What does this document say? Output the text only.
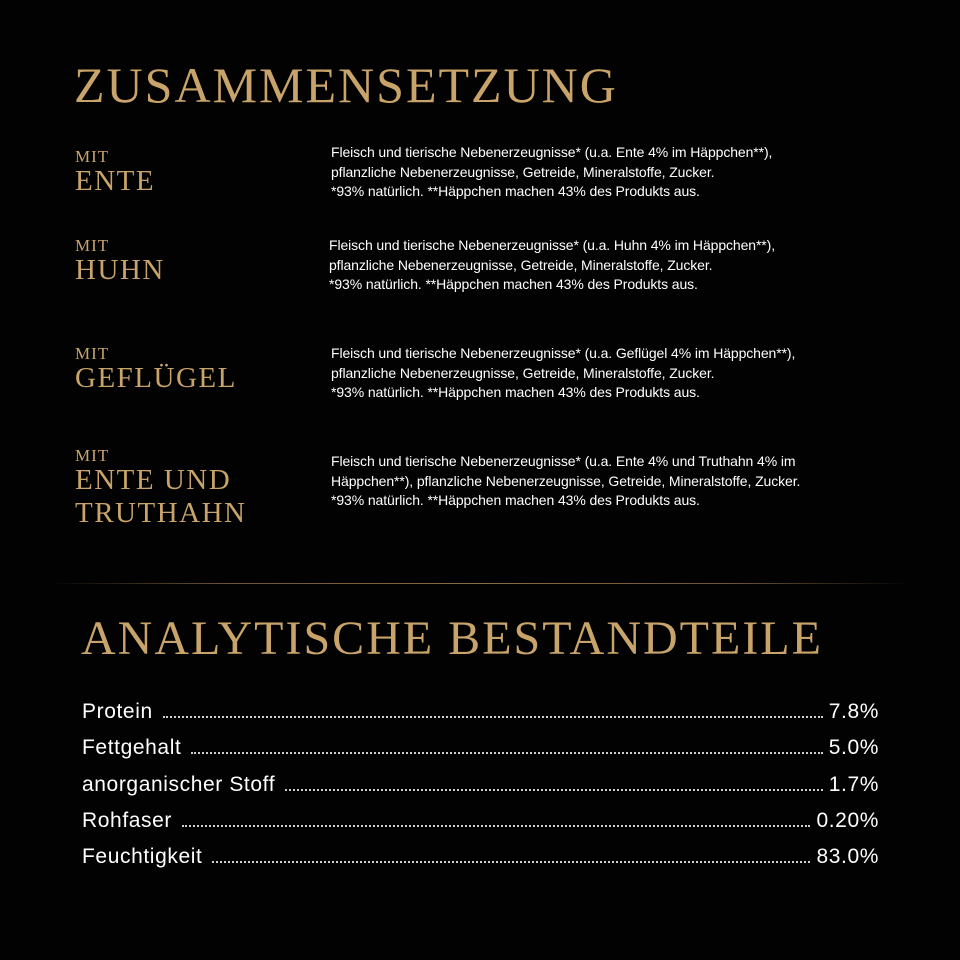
ZUSAMMENSETZUNG
MIT
ENTE
Fleisch und tierische Nebenerzeugnisse* (u.a. Ente 4% im Häppchen**),
pflanzliche Nebenerzeugnisse, Getreide, Mineralstoffe, Zucker.
*93% natürlich. **Häppchen machen 43% des Produkts aus.
MIT
HUHN
Fleisch und tierische Nebenerzeugnisse* (u.a. Huhn 4% im Häppchen**),
pflanzliche Nebenerzeugnisse, Getreide, Mineralstoffe, Zucker.
*93% natürlich. **Häppchen machen 43% des Produkts aus.
MIT
GEFLÜGEL
Fleisch und tierische Nebenerzeugnisse* (u.a. Geflügel 4% im Häppchen**),
pflanzliche Nebenerzeugnisse, Getreide, Mineralstoffe, Zucker.
*93% natürlich. **Häppchen machen 43% des Produkts aus.
MIT
ENTE UND
TRUTHAHN
Fleisch und tierische Nebenerzeugnisse* (u.a. Ente 4% und Truthahn 4% im
Häppchen**), pflanzliche Nebenerzeugnisse, Getreide, Mineralstoffe, Zucker.
*93% natürlich. **Häppchen machen 43% des Produkts aus.
ANALYTISCHE BESTANDTEILE
Protein	7.8%
Fettgehalt	5.0%
anorganischer Stoff	1.7%
Rohfaser	0.20%
Feuchtigkeit	83.0%
